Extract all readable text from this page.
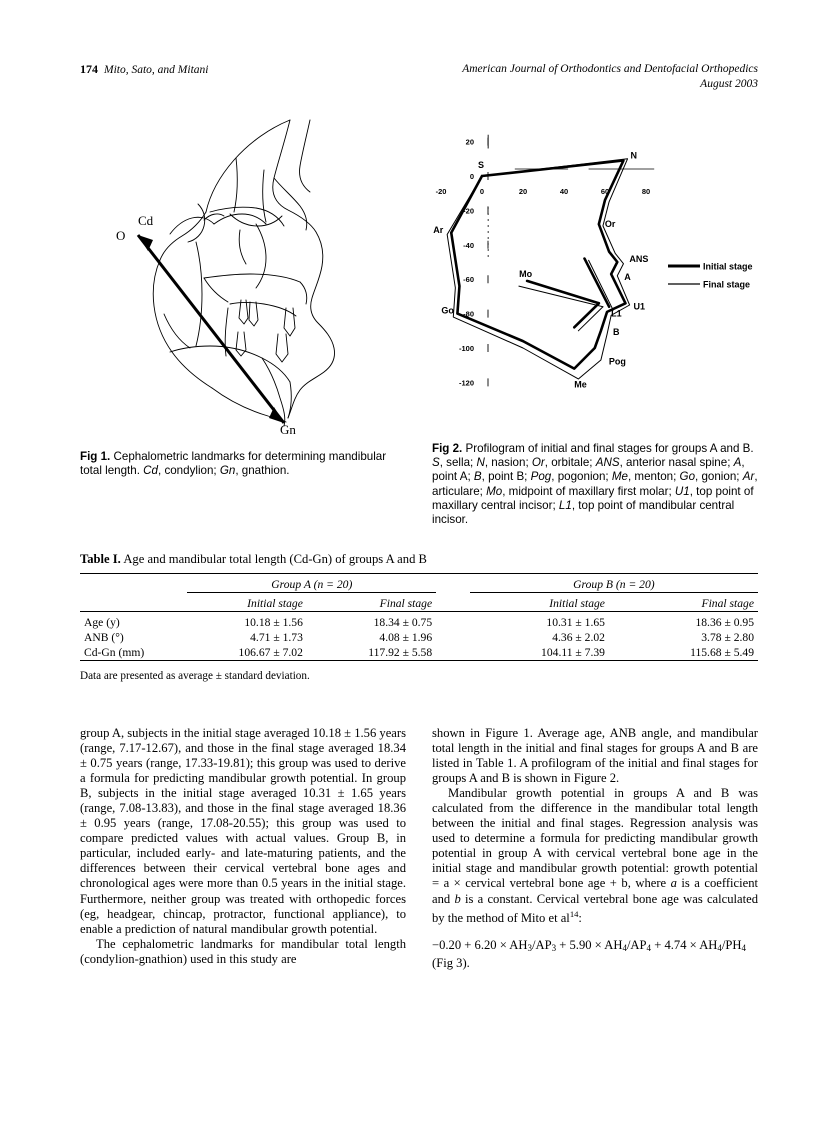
174 Mito, Sato, and Mitani	American Journal of Orthodontics and Dentofacial Orthopedics
August 2003
O
Cd
Gn
Fig 1. Cephalometric landmarks for determining mandibular total length. Cd, condylion; Gn, gnathion.
20
0
-20
-40
-60
-80
-100
-120
-20	0	20	40	60	80
S
N
Or
ANS
A
B
Pog
Me
Go
Ar
Mo
U1
L1
Initial stage
Final stage
Fig 2. Profilogram of initial and final stages for groups A and B. S, sella; N, nasion; Or, orbitale; ANS, anterior nasal spine; A, point A; B, point B; Pog, pogonion; Me, menton; Go, gonion; Ar, articulare; Mo, midpoint of maxillary first molar; U1, top point of maxillary central incisor; L1, top point of mandibular central incisor.
Table I. Age and mandibular total length (Cd-Gn) of groups A and B

	Group A (n = 20)			Group B (n = 20)	

	Initial stage	Final stage		Initial stage	Final stage

Age (y)	10.18 ± 1.56	18.34 ± 0.75		10.31 ± 1.65	18.36 ± 0.95
ANB (°)	4.71 ± 1.73	4.08 ± 1.96		4.36 ± 2.02	3.78 ± 2.80
Cd-Gn (mm)	106.67 ± 7.02	117.92 ± 5.58		104.11 ± 7.39	115.68 ± 5.49

Data are presented as average ± standard deviation.

group A, subjects in the initial stage averaged 10.18 ± 1.56 years (range, 7.17-12.67), and those in the final stage averaged 18.34 ± 0.75 years (range, 17.33-19.81); this group was used to derive a formula for predicting mandibular growth potential. In group B, subjects in the initial stage averaged 10.31 ± 1.65 years (range, 7.08-13.83), and those in the final stage averaged 18.36 ± 0.95 years (range, 17.08-20.55); this group was used to compare predicted values with actual values. Group B, in particular, included early- and late-maturing patients, and the differences between their cervical vertebral bone ages and chronological ages were more than 0.5 years in the initial stage. Furthermore, neither group was treated with orthopedic forces (eg, headgear, chincap, protractor, functional appliance), to enable a prediction of natural mandibular growth potential.

The cephalometric landmarks for mandibular total length (condylion-gnathion) used in this study are

shown in Figure 1. Average age, ANB angle, and mandibular total length in the initial and final stages for groups A and B are listed in Table 1. A profilogram of the initial and final stages for groups A and B is shown in Figure 2.

Mandibular growth potential in groups A and B was calculated from the difference in the mandibular total length between the initial and final stages. Regression analysis was used to determine a formula for predicting mandibular growth potential in group A with cervical vertebral bone age in the initial stage and mandibular growth potential: growth potential = a × cervical vertebral bone age + b, where a is a coefficient and b is a constant. Cervical vertebral bone age was calculated by the method of Mito et $al^{14}$:

$-0.20 + 6.20 \times AH_3/AP_3 + 5.90 \times AH_4/AP_4 + 4.74 \times AH_4/PH_4$ (Fig 3).
